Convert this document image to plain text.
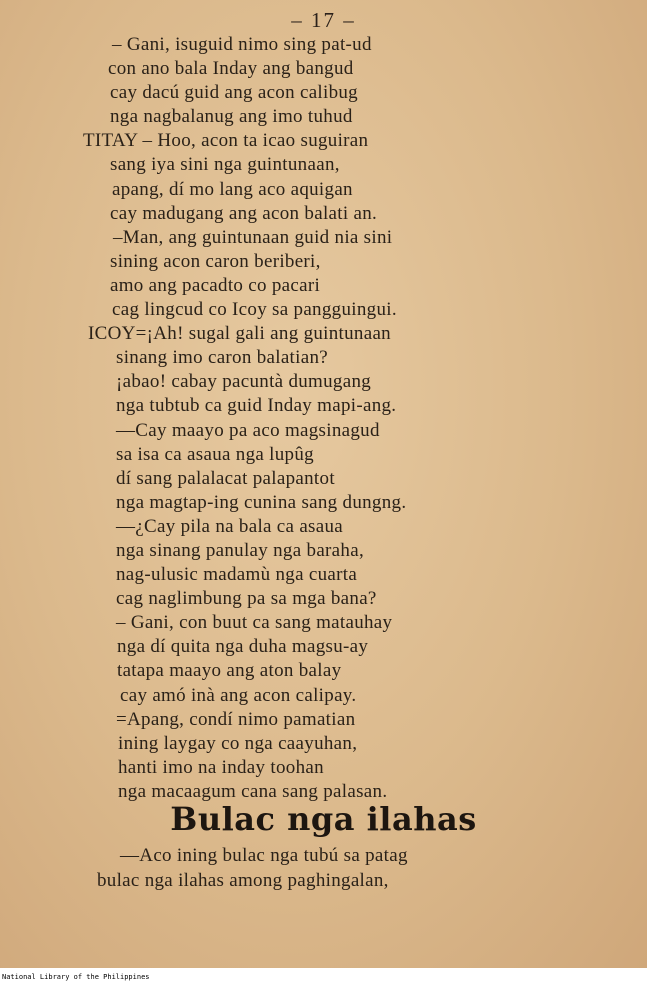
– 17 –
– Gani, isuguid nimo sing pat-ud
con ano bala Inday ang bangud
cay dacú guid ang acon calibug
nga nagbalanug ang imo tuhud
TITAY – Hoo, acon ta icao suguiran
sang iya sini nga guintunaan,
apang, dí mo lang aco aquigan
cay madugang ang acon balati an.
–Man, ang guintunaan guid nia sini
sining acon caron beriberi,
amo ang pacadto co pacari
cag lingcud co Icoy sa pangguingui.
ICOY=¡Ah! sugal gali ang guintunaan
sinang imo caron balatian?
¡abao! cabay pacuntà dumugang
nga tubtub ca guid Inday mapi-ang.
—Cay maayo pa aco magsinagud
sa isa ca asaua nga lupûg
dí sang palalacat palapantot
nga magtap-ing cunina sang dungng.
—¿Cay pila na bala ca asaua
nga sinang panulay nga baraha,
nag-ulusic madamù nga cuarta
cag naglimbung pa sa mga bana?
– Gani, con buut ca sang matauhay
nga dí quita nga duha magsu-ay
tatapa maayo ang aton balay
cay amó inà ang acon calipay.
=Apang, condí nimo pamatian
ining laygay co nga caayuhan,
hanti imo na inday toohan
nga macaagum cana sang palasan.
Bulac nga ilahas
—Aco ining bulac nga tubú sa patag
bulac nga ilahas among paghingalan,
National Library of the Philippines
